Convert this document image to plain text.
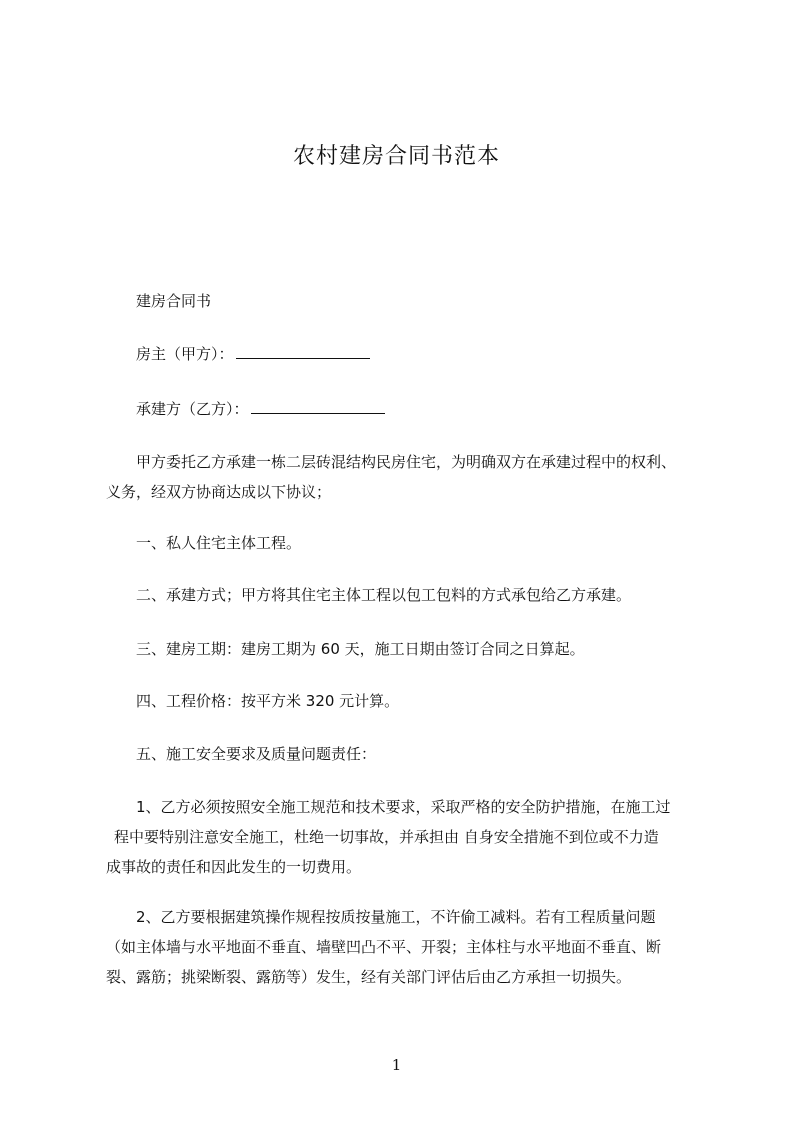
农村建房合同书范本
建房合同书
房主（甲方）：
承建方（乙方）：
甲方委托乙方承建一栋二层砖混结构民房住宅，为明确双方在承建过程中的权利、
义务，经双方协商达成以下协议；
一、私人住宅主体工程。
二、承建方式；甲方将其住宅主体工程以包工包料的方式承包给乙方承建。
三、建房工期：建房工期为 60 天，施工日期由签订合同之日算起。
四、工程价格：按平方米 320 元计算。
五、施工安全要求及质量问题责任：
1、乙方必须按照安全施工规范和技术要求，采取严格的安全防护措施，在施工过
程中要特别注意安全施工，杜绝一切事故，并承担由 自身安全措施不到位或不力造
成事故的责任和因此发生的一切费用。
2、乙方要根据建筑操作规程按质按量施工，不许偷工减料。若有工程质量问题
（如主体墙与水平地面不垂直、墙壁凹凸不平、开裂；主体柱与水平地面不垂直、断
裂、露筋；挑梁断裂、露筋等）发生，经有关部门评估后由乙方承担一切损失。
1
